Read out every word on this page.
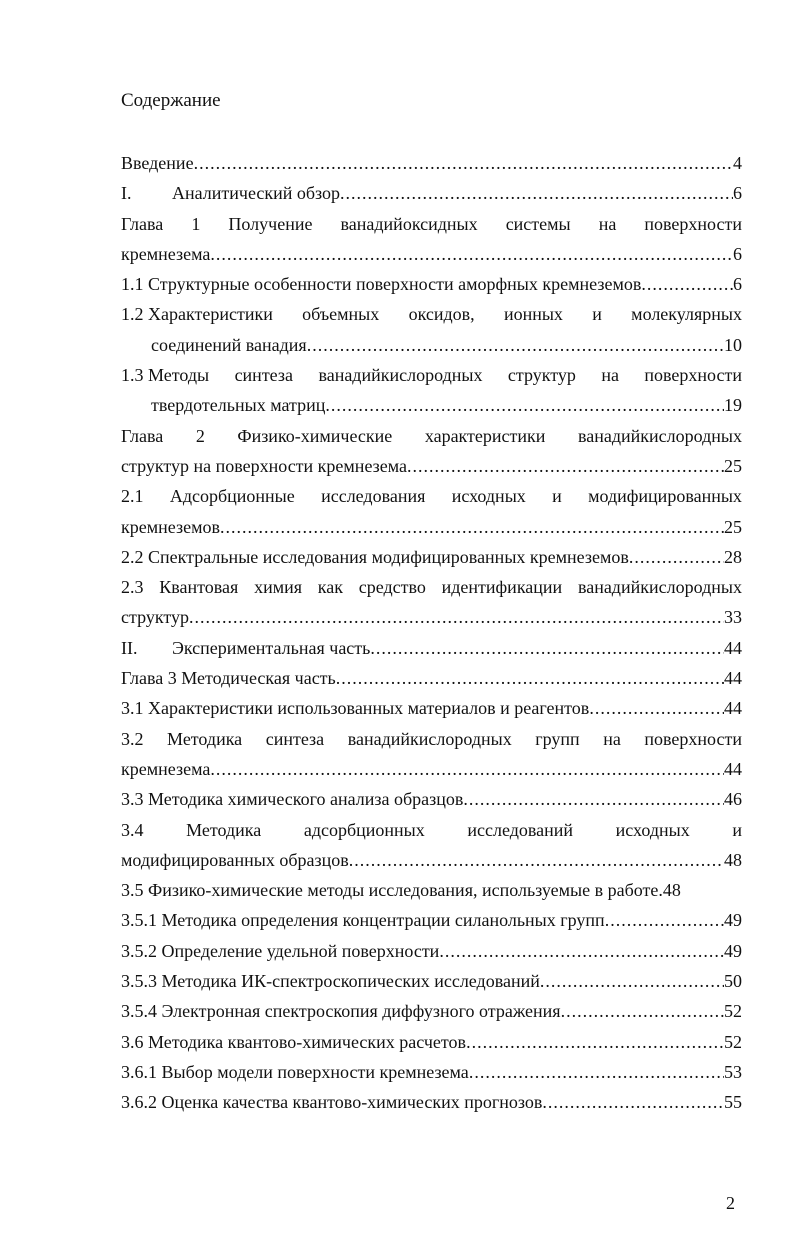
Содержание
Введение .....	4
I.	Аналитический обзор .....	6
Глава 1 Получение ванадийоксидных системы на поверхности
кремнезема .....	6
1.1 Структурные особенности поверхности аморфных кремнеземов .....	6
1.2 Характеристики объемных оксидов, ионных и молекулярных
соединений ванадия .....	10
1.3 Методы синтеза ванадийкислородных структур на поверхности
твердотельных матриц .....	19
Глава 2 Физико-химические характеристики ванадийкислородных
структур на поверхности кремнезема .....	25
2.1 Адсорбционные исследования исходных и модифицированных
кремнеземов .....	25
2.2 Спектральные исследования модифицированных кремнеземов .....	28
2.3 Квантовая химия как средство идентификации ванадийкислородных
структур .....	33
II.	Экспериментальная часть .....	44
Глава 3 Методическая часть .....	44
3.1 Характеристики использованных материалов и реагентов .....	44
3.2 Методика синтеза ванадийкислородных групп на поверхности
кремнезема .....	44
3.3 Методика химического анализа образцов .....	46
3.4 Методика адсорбционных исследований исходных и
модифицированных образцов .....	48
3.5 Физико-химические методы исследования, используемые в работе. 48
3.5.1 Методика определения концентрации силанольных групп .....	49
3.5.2 Определение удельной поверхности .....	49
3.5.3 Методика ИК-спектроскопических исследований .....	50
3.5.4 Электронная спектроскопия диффузного отражения .....	52
3.6 Методика квантово-химических расчетов .....	52
3.6.1 Выбор модели поверхности кремнезема .....	53
3.6.2 Оценка качества квантово-химических прогнозов .....	55
2
